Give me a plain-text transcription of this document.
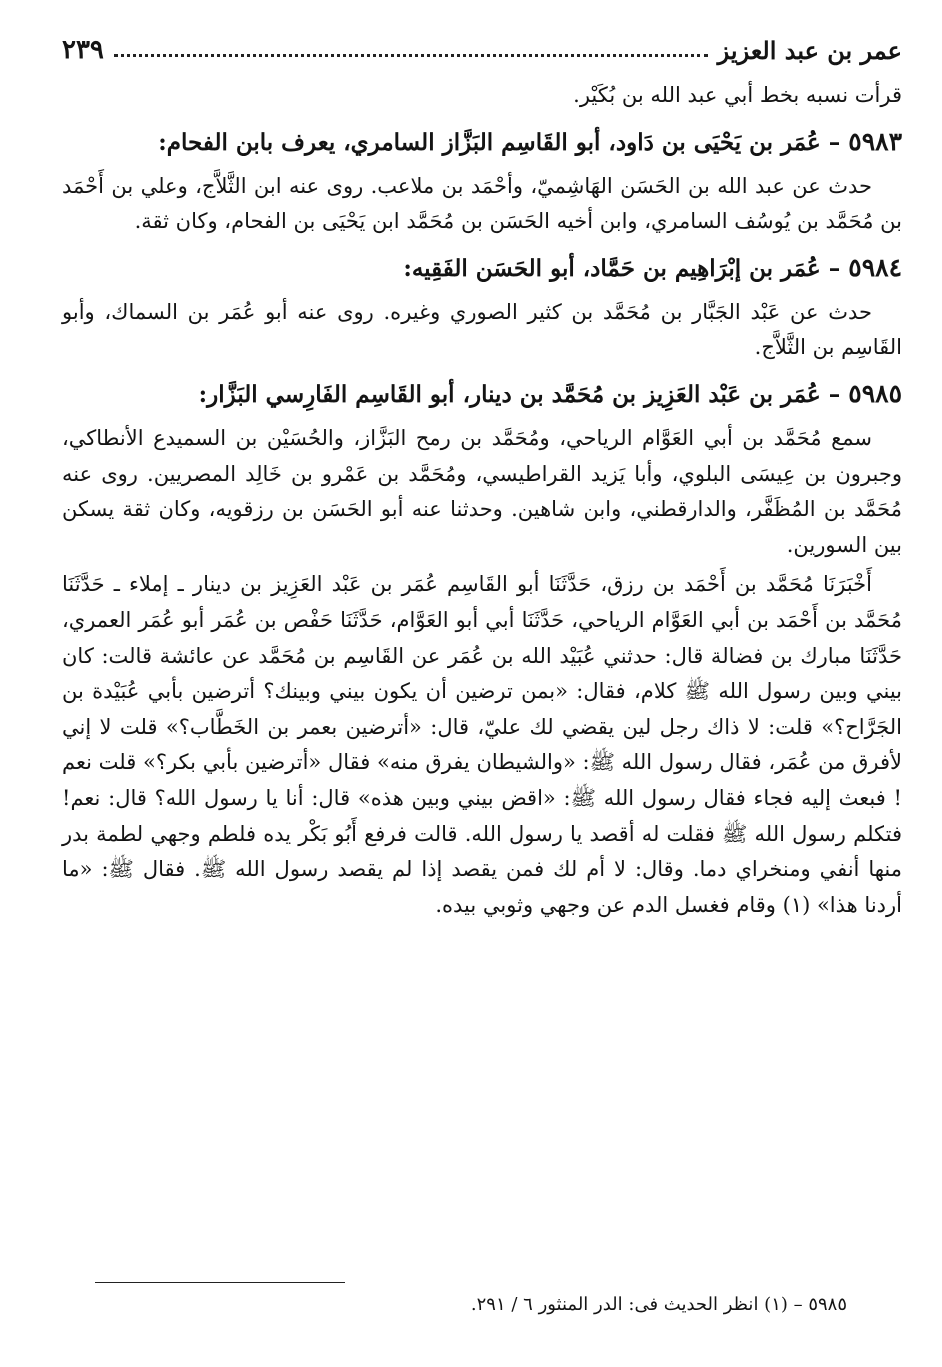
عمر بن عبد العزيز
٢٣٩

قرأت نسبه بخط أبي عبد الله بن بُكَيْر.

٥٩٨٣ – عُمَر بن يَحْيَى بن دَاود، أبو القَاسِم البَزَّاز السامري، يعرف بابن الفحام:

حدث عن عبد الله بن الحَسَن الهَاشِميّ، وأحْمَد بن ملاعب. روى عنه ابن الثَّلاَّج، وعلي بن أَحْمَد بن مُحَمَّد بن يُوسُف السامري، وابن أخيه الحَسَن بن مُحَمَّد ابن يَحْيَى بن الفحام، وكان ثقة.

٥٩٨٤ – عُمَر بن إبْرَاهِيم بن حَمَّاد، أبو الحَسَن الفَقِيه:

حدث عن عَبْد الجَبَّار بن مُحَمَّد بن كثير الصوري وغيره. روى عنه أبو عُمَر بن السماك، وأبو القَاسِم بن الثَّلاَّج.

٥٩٨٥ – عُمَر بن عَبْد العَزِيز بن مُحَمَّد بن دينار، أبو القَاسِم الفَارِسي البَزَّار:

سمع مُحَمَّد بن أبي العَوَّام الرياحي، ومُحَمَّد بن رمح البَزَّاز، والحُسَيْن بن السميدع الأنطاكي، وجبرون بن عِيسَى البلوي، وأبا يَزيد القراطيسي، ومُحَمَّد بن عَمْرو بن خَالِد المصريين. روى عنه مُحَمَّد بن المُظَفَّر، والدارقطني، وابن شاهين. وحدثنا عنه أبو الحَسَن بن رزقويه، وكان ثقة يسكن بين السورين.

أَخْبَرَنَا مُحَمَّد بن أَحْمَد بن رزق، حَدَّثَنَا أبو القَاسِم عُمَر بن عَبْد العَزِيز بن دينار ـ إملاء ـ حَدَّثَنَا مُحَمَّد بن أَحْمَد بن أبي العَوَّام الرياحي، حَدَّثَنَا أبي أبو العَوَّام، حَدَّثَنَا حَفْص بن عُمَر أبو عُمَر العمري، حَدَّثَنَا مبارك بن فضالة قال: حدثني عُبَيْد الله بن عُمَر عن القَاسِم بن مُحَمَّد عن عائشة قالت: كان بيني وبين رسول الله ﷺ كلام، فقال: «بمن ترضين أن يكون بيني وبينك؟ أترضين بأبي عُبَيْدة بن الجَرَّاح؟» قلت: لا ذاك رجل لين يقضي لك عليّ، قال: «أترضين بعمر بن الخَطَّاب؟» قلت لا إني لأفرق من عُمَر، فقال رسول الله ﷺ: «والشيطان يفرق منه» فقال «أترضين بأبي بكر؟» قلت نعم ! فبعث إليه فجاء فقال رسول الله ﷺ: «اقض بيني وبين هذه» قال: أنا يا رسول الله؟ قال: نعم! فتكلم رسول الله ﷺ فقلت له أقصد يا رسول الله. قالت فرفع أَبُو بَكْر يده فلطم وجهي لطمة بدر منها أنفي ومنخراي دما. وقال: لا أم لك فمن يقصد إذا لم يقصد رسول الله ﷺ. فقال ﷺ: «ما أردنا هذا» (١) وقام فغسل الدم عن وجهي وثوبي بيده.

٥٩٨٥ – (١) انظر الحديث فى: الدر المنثور ٦ / ٢٩١.
